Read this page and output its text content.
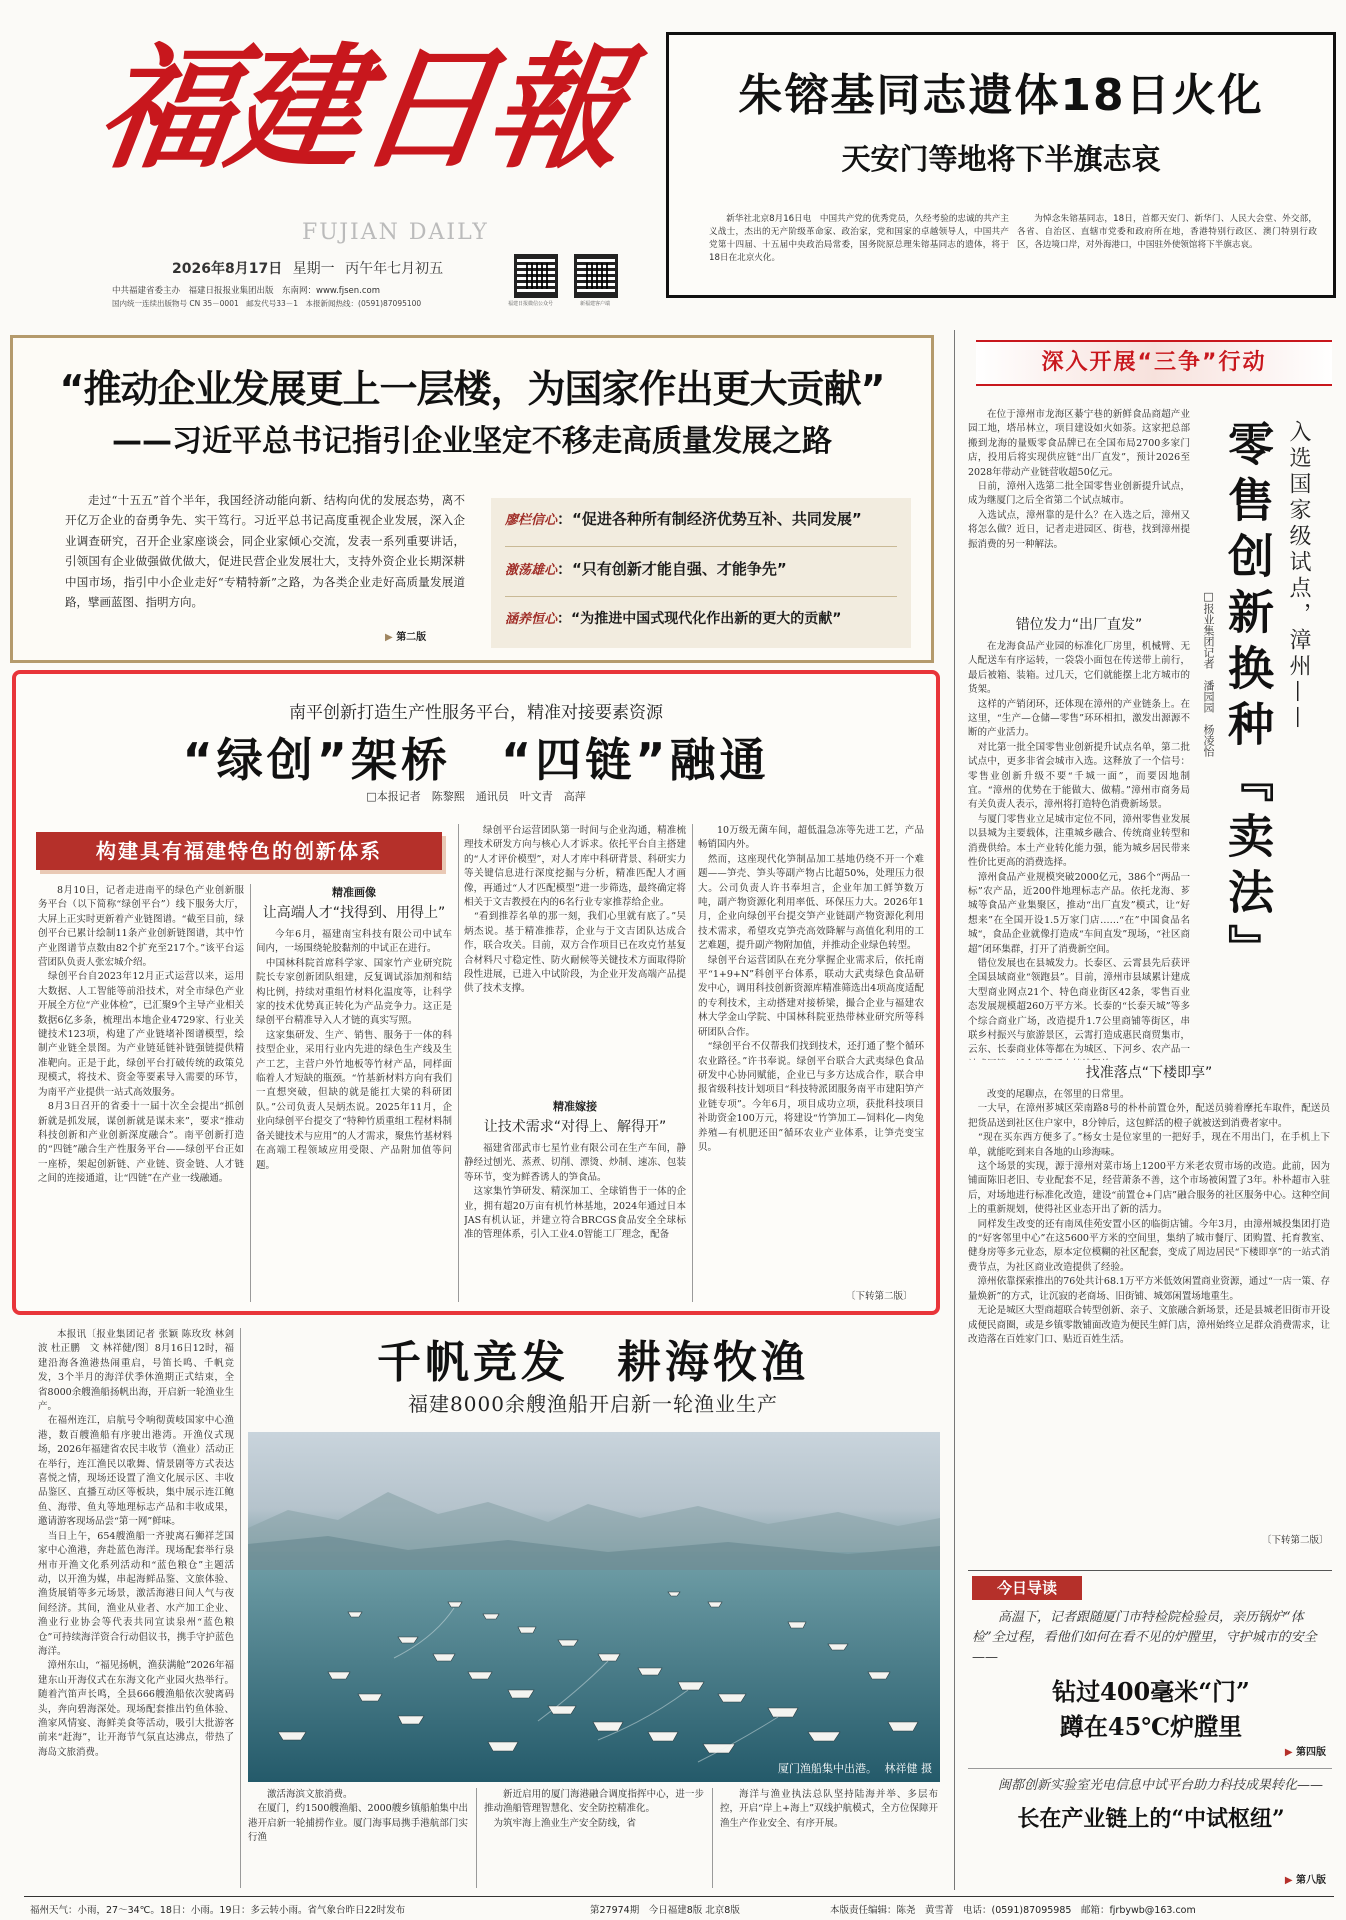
福建日報
FUJIAN DAILY
2026年8月17日 星期一 丙午年七月初五
中共福建省委主办　福建日报报业集团出版　东南网：www.fjsen.com
国内统一连续出版物号 CN 35－0001　邮发代号33－1　本报新闻热线：(0591)87095100	福建日报微信公众号	新福建客户端
朱镕基同志遗体18日火化
天安门等地将下半旗志哀
新华社北京8月16日电　中国共产党的优秀党员，久经考验的忠诚的共产主义战士，杰出的无产阶级革命家、政治家，党和国家的卓越领导人，中国共产党第十四届、十五届中央政治局常委，国务院原总理朱镕基同志的遗体，将于18日在北京火化。
为悼念朱镕基同志，18日，首都天安门、新华门、人民大会堂、外交部，各省、自治区、直辖市党委和政府所在地，香港特别行政区、澳门特别行政区，各边境口岸，对外海港口，中国驻外使领馆将下半旗志哀。
“推动企业发展更上一层楼，为国家作出更大贡献”
——习近平总书记指引企业坚定不移走高质量发展之路
走过“十五五”首个半年，我国经济动能向新、结构向优的发展态势，离不开亿万企业的奋勇争先、实干笃行。习近平总书记高度重视企业发展，深入企业调查研究，召开企业家座谈会，同企业家倾心交流，发表一系列重要讲话，引领国有企业做强做优做大，促进民营企业发展壮大，支持外资企业长期深耕中国市场，指引中小企业走好“专精特新”之路，为各类企业走好高质量发展道路，擘画蓝图、指明方向。
▶ 第二版
廖栏信心：“促进各种所有制经济优势互补、共同发展”
激荡雄心：“只有创新才能自强、才能争先”
涵养恒心：“为推进中国式现代化作出新的更大的贡献”
南平创新打造生产性服务平台，精准对接要素资源
“绿创”架桥　“四链”融通
□本报记者　陈黎熙　通讯员　叶文青　高萍
构建具有福建特色的创新体系
8月10日，记者走进南平的绿色产业创新服务平台（以下简称“绿创平台”）线下服务大厅，大屏上正实时更新着产业链图谱。“截至目前，绿创平台已累计绘制11条产业创新链图谱，其中竹产业图谱节点数由82个扩充至217个。”该平台运营团队负责人张宏城介绍。
　绿创平台自2023年12月正式运营以来，运用大数据、人工智能等前沿技术，对全市绿色产业开展全方位“产业体检”，已汇聚9个主导产业相关数据6亿多条，梳理出本地企业4729家、行业关键技术123项，构建了产业链堵补图谱模型，绘制产业链全景图。为产业链延链补链强链提供精准靶向。正是于此，绿创平台打破传统的政策兑现模式，将技术、资金等要素导入需要的环节，为南平产业提供一站式高效服务。
　8月3日召开的省委十一届十次全会提出“抓创新就是抓发展，谋创新就是谋未来”，要求“推动科技创新和产业创新深度融合”。南平创新打造的“四链”融合生产性服务平台——绿创平台正如一座桥，架起创新链、产业链、资金链、人才链之间的连接通道，让“四链”在产业一线融通。
精准画像
让高端人才“找得到、用得上”
今年6月，福建南宝科技有限公司中试车间内，一场围绕轮胶黏剂的中试正在进行。
　中国林科院首席科学家、国家竹产业研究院院长专家创新团队组建，反复调试添加剂和结构比例，持续对重组竹材料化温度等，让科学家的技术优势真正转化为产品竞争力。这正是绿创平台精准导入人才链的真实写照。
　这家集研发、生产、销售、服务于一体的科技型企业，采用行业内先进的绿色生产线及生产工艺，主营户外竹地板等竹材产品，同样面临着人才短缺的瓶颈。“竹基新材料方向有我们一直想突破，但缺的就是能扛大梁的科研团队。”公司负责人吴炳杰说。2025年11月，企业向绿创平台提交了“特种竹质重组工程材料制备关键技术与应用”的人才需求，聚焦竹基材料在高端工程领域应用受限、产品附加值等问题。
绿创平台运营团队第一时间与企业沟通，精准梳理技术研发方向与核心人才诉求。依托平台自主搭建的“人才评价模型”，对人才库中科研背景、科研实力等关键信息进行深度挖掘与分析，精准匹配人才画像，再通过“人才匹配模型”进一步筛选，最终确定将相关于文吉教授在内的6名行业专家推荐给企业。
　“看到推荐名单的那一刻，我们心里就有底了。”吴炳杰说。基于精准推荐，企业与于文吉团队达成合作，联合攻关。目前，双方合作项目已在攻克竹基复合材料尺寸稳定性、防火耐候等关键技术方面取得阶段性进展，已进入中试阶段，为企业开发高端产品提供了技术支撑。
精准嫁接
让技术需求“对得上、解得开”
福建省邵武市七星竹业有限公司在生产车间，静静经过刨光、蒸煮、切削、漂烫、炒制、速冻、包装等环节，变为鲜香诱人的笋食品。
　这家集竹笋研发、精深加工、全球销售于一体的企业，拥有超20万亩有机竹林基地，2024年通过日本JAS有机认证，并建立符合BRCGS食品安全全球标准的管理体系，引入工业4.0智能工厂理念，配备
10万级无菌车间，超低温急冻等先进工艺，产品畅销国内外。
　然而，这座现代化笋制品加工基地仍绕不开一个难题——笋壳、笋头等副产物占比超50%，处理压力很大。公司负责人许书奉坦言，企业年加工鲜笋数万吨，副产物资源化利用率低、环保压力大。2026年1月，企业向绿创平台提交笋产业链副产物资源化利用技术需求，希望攻克笋壳高效降解与高值化利用的工艺难题，提升副产物附加值，并推动企业绿色转型。
　绿创平台运营团队在充分掌握企业需求后，依托南平“1+9+N”科创平台体系，联动大武夷绿色食品研发中心，调用科技创新资源库精准筛选出4项高度适配的专利技术，主动搭建对接桥梁，撮合企业与福建农林大学金山学院、中国林科院亚热带林业研究所等科研团队合作。
　“绿创平台不仅帮我们找到技术，还打通了整个循环农业路径。”许书奉说。绿创平台联合大武夷绿色食品研发中心协同赋能，企业已与多方达成合作，联合申报省级科技计划项目“科技特派团服务南平市建阳笋产业链专项”。今年6月，项目成功立项，获批科技项目补助资金100万元，将建设“竹笋加工—饲料化—肉兔养殖—有机肥还田”循环农业产业体系，让笋壳变宝贝。
〔下转第二版〕
本报讯〔报业集团记者 张颖 陈玫玫 林剑波 杜正鹏　文 林祥健/图〕8月16日12时，福建沿海各渔港热闹重启，号笛长鸣、千帆竞发，3个半月的海洋伏季休渔期正式结束，全省8000余艘渔船扬帆出海，开启新一轮渔业生产。
　在福州连江，启航号令响彻黄岐国家中心渔港，数百艘渔船有序驶出港湾。开渔仪式现场，2026年福建省农民丰收节（渔业）活动正在举行，连江渔民以歌舞、情景剧等方式表达喜悦之情，现场还设置了渔文化展示区、丰收品鉴区、直播互动区等板块，集中展示连江鲍鱼、海带、鱼丸等地理标志产品和丰收成果，邀请游客现场品尝“第一网”鲜味。
　当日上午，654艘渔船一齐驶离石狮祥芝国家中心渔港，奔赴蓝色海洋。现场配套举行泉州市开渔文化系列活动和“蓝色粮仓”主题活动，以开渔为媒，串起海鲜品鉴、文旅体验、渔货展销等多元场景，激活海港日间人气与夜间经济。其间，渔业从业者、水产加工企业、渔业行业协会等代表共同宣读泉州“蓝色粮仓”可持续海洋资合行动倡议书，携手守护蓝色海洋。
　漳州东山，“福见扬帆，渔获满舱”2026年福建东山开海仪式在东海文化产业园火热举行。随着汽笛声长鸣，全县666艘渔船依次驶离码头，奔向碧海深处。现场配套推出钓鱼体验、渔家风情宴、海鲜美食等活动，吸引大批游客前来“赶海”，让开海节气氛直达沸点，带热了海岛文旅消费。
千帆竞发　耕海牧渔
福建8000余艘渔船开启新一轮渔业生产
厦门渔船集中出港。 林祥健 摄
激活海滨文旅消费。
　在厦门，约1500艘渔船、2000艘乡镇船舶集中出港开启新一轮捕捞作业。厦门海事局携手港航部门实行渔
新近启用的厦门海港融合调度指挥中心，进一步推动渔船管理智慧化、安全防控精准化。
　为筑牢海上渔业生产安全防线，省
海洋与渔业执法总队坚持陆海并举、多层布控，开启“岸上+海上”双线护航模式，全方位保障开渔生产作业安全、有序开展。
深入开展“三争”行动
在位于漳州市龙海区綦宁巷的新鲜食品商超产业园工地，塔吊林立，项目建设如火如荼。这家把总部搬到龙海的量贩零食品牌已在全国布局2700多家门店，投用后将实现供应链“出厂直发”，预计2026至2028年带动产业链营收超50亿元。
　日前，漳州入选第二批全国零售业创新提升试点，成为继厦门之后全省第二个试点城市。
　入选试点，漳州靠的是什么？在入选之后，漳州又将怎么做？近日，记者走进园区、街巷，找到漳州提振消费的另一种解法。	零售创新换种『卖法』 入选国家级试点，漳州——
□报业集团记者　潘园园　杨凌怡
错位发力“出厂直发”
在龙海食品产业园的标准化厂房里，机械臂、无人配送车有序运转，一袋袋小面包在传送带上前行，最后被箱、装箱。过几天，它们就能摆上北方城市的货架。
　这样的产销闭环，还体现在漳州的产业链条上。在这里，“生产—仓储—零售”环环相扣，激发出源源不断的产业活力。
　对比第一批全国零售业创新提升试点名单，第二批试点中，更多非省会城市入选。这释放了一个信号：零售业创新升级不要“千城一面”，而要因地制宜。“漳州的优势在于能做大、做精。”漳州市商务局有关负责人表示，漳州将打造特色消费新场景。
　与厦门零售业立足城市定位不同，漳州零售业发展以县城为主要载体，注重城乡融合、传统商业转型和消费供给。本土产业转化能力强，能为城乡居民带来性价比更高的消费选择。
　漳州食品产业规模突破2000亿元，386个“两品一标”农产品，近200件地理标志产品。依托龙海、芗城等食品产业集聚区，推动“出厂直发”模式，让“好想来”在全国开设1.5万家门店……“在”中国食品名城“，食品企业就像打造成“车间直发”现场，“社区商超”闭环集群，打开了消费新空间。
　错位发展也在县城发力。长泰区、云霄县先后获评全国县域商业“领跑县”。目前，漳州市县域累计建成大型商业网点21个、特色商业街区42条，零售百业态发展规模超260万平方米。长泰的“长泰天城”等多个综合商业广场，改造提升1.7公里商铺等街区，串联乡村振兴与旅游景区，云霄打造成惠民商贸集市，云东、长泰商业体等都在为城区、下河乡、农产品一

找准落点“下楼即享”
改变的尾聊点，在邻里的日常里。
　一大早，在漳州芗城区荣南路8号的朴朴前置仓外，配送员骑着摩托车取件，配送员把货品送到社区住户家中，8分钟后，这包鲜活的橙子就被送到消费者家中。
　“现在买东西方便多了。”杨女士是位家里的一把好手，现在不用出门，在手机上下单，就能吃到来自各地的山珍海味。
　这个场景的实现，源于漳州对菜市场上1200平方米老农贸市场的改造。此前，因为铺面陈旧老旧、专业配套不足，经营萧条不善，这个市场被闲置了3年。朴朴超市入驻后，对场地进行标准化改造，建设“前置仓+门店”融合服务的社区服务中心。这种空间上的重新规划，使得社区业态开出了新的活力。
　同样发生改变的还有南凤佳苑安置小区的临街店铺。今年3月，由漳州城投集团打造的“好客邻里中心”在这5600平方米的空间里，集纳了城市餐厅、团购置、托育教室、健身房等多元业态，原本定位模糊的社区配套，变成了周边居民“下楼即享”的一站式消费节点，为社区商业改造提供了经验。
　漳州依靠探索推出的76处共计68.1万平方米低效闲置商业资源，通过“一店一策、存量焕新”的方式，让沉寂的老商场、旧街铺、城郊闲置场地重生。
　无论是城区大型商超联合转型创新、亲子、文旅融合新场景，还是县城老旧街市开设成便民商圈，或是乡镇零散铺面改造为便民生鲜门店，漳州始终立足群众消费需求，让改造落在百姓家门口、贴近百姓生活。
〔下转第二版〕
今日导读
高温下，记者跟随厦门市特检院检验员，亲历锅炉“体检”全过程，看他们如何在看不见的炉膛里，守护城市的安全——
钻过400毫米“门”
蹲在45℃炉膛里
▶ 第四版
闽都创新实验室光电信息中试平台助力科技成果转化——
长在产业链上的“中试枢纽”
▶ 第八版
福州天气：小雨，27～34℃。18日：小雨。19日：多云转小雨。省气象台昨日22时发布	第27974期　今日福建8版 北京8版	本版责任编辑：陈尧　黄雪菁　电话：(0591)87095985　邮箱：fjrbywb@163.com
